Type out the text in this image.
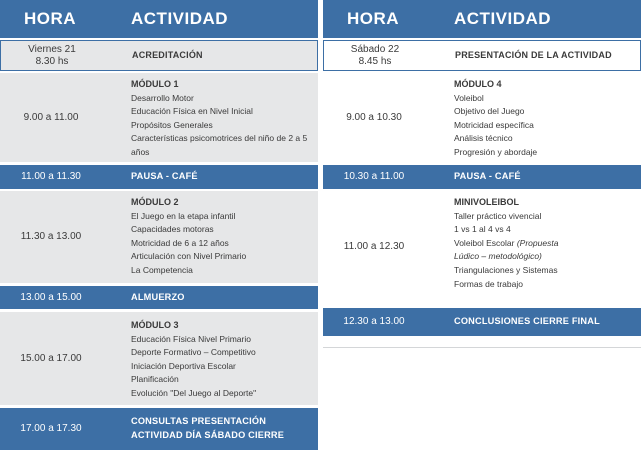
HORA	ACTIVIDAD
Viernes 21
8.30 hs
ACREDITACIÓN
9.00 a 11.00
MÓDULO 1
Desarrollo Motor
Educación Física en Nivel Inicial
Propósitos Generales
Características psicomotrices del niño de 2 a 5
años
11.00 a 11.30	PAUSA - CAFÉ
11.30 a 13.00
MÓDULO 2
El Juego en la etapa infantil
Capacidades motoras
Motricidad de 6 a 12 años
Articulación con Nivel Primario
La Competencia
13.00 a 15.00	ALMUERZO
15.00 a 17.00
MÓDULO 3
Educación Física Nivel Primario
Deporte Formativo – Competitivo
Iniciación Deportiva Escolar
Planificación
Evolución "Del Juego al Deporte"
17.00 a 17.30
CONSULTAS PRESENTACIÓN
ACTIVIDAD DÍA SÁBADO CIERRE
HORA	ACTIVIDAD
Sábado 22
8.45 hs
PRESENTACIÓN DE LA ACTIVIDAD
9.00 a 10.30
MÓDULO 4
Voleibol
Objetivo del Juego
Motricidad específica
Análisis técnico
Progresión y abordaje
10.30 a 11.00	PAUSA - CAFÉ
11.00 a 12.30
MINIVOLEIBOL
Taller práctico vivencial
1 vs 1 al 4 vs 4
Voleibol Escolar (Propuesta
Lúdico – metodológico)
Triangulaciones y Sistemas
Formas de trabajo
12.30 a 13.00	CONCLUSIONES CIERRE FINAL
